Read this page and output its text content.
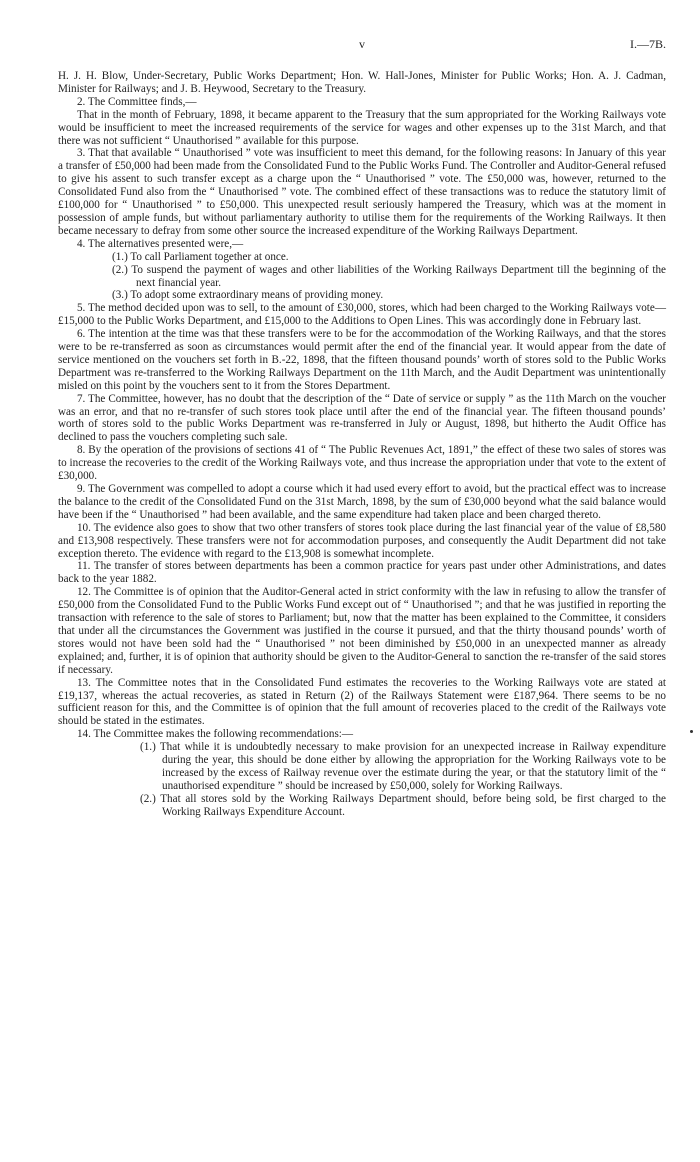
v	I.—7B.

H. J. H. Blow, Under-Secretary, Public Works Department; Hon. W. Hall-Jones, Minister for Public Works; Hon. A. J. Cadman, Minister for Railways; and J. B. Heywood, Secretary to the Treasury.

2. The Committee finds,—

That in the month of February, 1898, it became apparent to the Treasury that the sum appropriated for the Working Railways vote would be insufficient to meet the increased requirements of the service for wages and other expenses up to the 31st March, and that there was not sufficient “ Unauthorised ” available for this purpose.

3. That that available “ Unauthorised ” vote was insufficient to meet this demand, for the following reasons: In January of this year a transfer of £50,000 had been made from the Consolidated Fund to the Public Works Fund. The Controller and Auditor-General refused to give his assent to such transfer except as a charge upon the “ Unauthorised ” vote. The £50,000 was, however, returned to the Consolidated Fund also from the “ Unauthorised ” vote. The combined effect of these transactions was to reduce the statutory limit of £100,000 for “ Unauthorised ” to £50,000. This unexpected result seriously hampered the Treasury, which was at the moment in possession of ample funds, but without parliamentary authority to utilise them for the requirements of the Working Railways. It then became necessary to defray from some other source the increased expenditure of the Working Railways Department.

4. The alternatives presented were,—

(1.) To call Parliament together at once.

(2.) To suspend the payment of wages and other liabilities of the Working Railways Department till the beginning of the next financial year.

(3.) To adopt some extraordinary means of providing money.

5. The method decided upon was to sell, to the amount of £30,000, stores, which had been charged to the Working Railways vote—£15,000 to the Public Works Department, and £15,000 to the Additions to Open Lines. This was accordingly done in February last.

6. The intention at the time was that these transfers were to be for the accommodation of the Working Railways, and that the stores were to be re-transferred as soon as circumstances would permit after the end of the financial year. It would appear from the date of service mentioned on the vouchers set forth in B.-22, 1898, that the fifteen thousand pounds’ worth of stores sold to the Public Works Department was re-transferred to the Working Railways Department on the 11th March, and the Audit Department was unintentionally misled on this point by the vouchers sent to it from the Stores Department.

7. The Committee, however, has no doubt that the description of the “ Date of service or supply ” as the 11th March on the voucher was an error, and that no re-transfer of such stores took place until after the end of the financial year. The fifteen thousand pounds’ worth of stores sold to the public Works Department was re-transferred in July or August, 1898, but hitherto the Audit Office has declined to pass the vouchers completing such sale.

8. By the operation of the provisions of sections 41 of “ The Public Revenues Act, 1891,” the effect of these two sales of stores was to increase the recoveries to the credit of the Working Railways vote, and thus increase the appropriation under that vote to the extent of £30,000.

9. The Government was compelled to adopt a course which it had used every effort to avoid, but the practical effect was to increase the balance to the credit of the Consolidated Fund on the 31st March, 1898, by the sum of £30,000 beyond what the said balance would have been if the “ Unauthorised ” had been available, and the same expenditure had taken place and been charged thereto.

10. The evidence also goes to show that two other transfers of stores took place during the last financial year of the value of £8,580 and £13,908 respectively. These transfers were not for accommodation purposes, and consequently the Audit Department did not take exception thereto. The evidence with regard to the £13,908 is somewhat incomplete.

11. The transfer of stores between departments has been a common practice for years past under other Administrations, and dates back to the year 1882.

12. The Committee is of opinion that the Auditor-General acted in strict conformity with the law in refusing to allow the transfer of £50,000 from the Consolidated Fund to the Public Works Fund except out of “ Unauthorised ”; and that he was justified in reporting the transaction with reference to the sale of stores to Parliament; but, now that the matter has been explained to the Committee, it considers that under all the circumstances the Government was justified in the course it pursued, and that the thirty thousand pounds’ worth of stores would not have been sold had the “ Unauthorised ” not been diminished by £50,000 in an unexpected manner as already explained; and, further, it is of opinion that authority should be given to the Auditor-General to sanction the re-transfer of the said stores if necessary.

13. The Committee notes that in the Consolidated Fund estimates the recoveries to the Working Railways vote are stated at £19,137, whereas the actual recoveries, as stated in Return (2) of the Railways Statement were £187,964. There seems to be no sufficient reason for this, and the Committee is of opinion that the full amount of recoveries placed to the credit of the Railways vote should be stated in the estimates.

14. The Committee makes the following recommendations:—

(1.) That while it is undoubtedly necessary to make provision for an unexpected increase in Railway expenditure during the year, this should be done either by allowing the appropriation for the Working Railways vote to be increased by the excess of Railway revenue over the estimate during the year, or that the statutory limit of the “ unauthorised expenditure ” should be increased by £50,000, solely for Working Railways.

(2.) That all stores sold by the Working Railways Department should, before being sold, be first charged to the Working Railways Expenditure Account.
